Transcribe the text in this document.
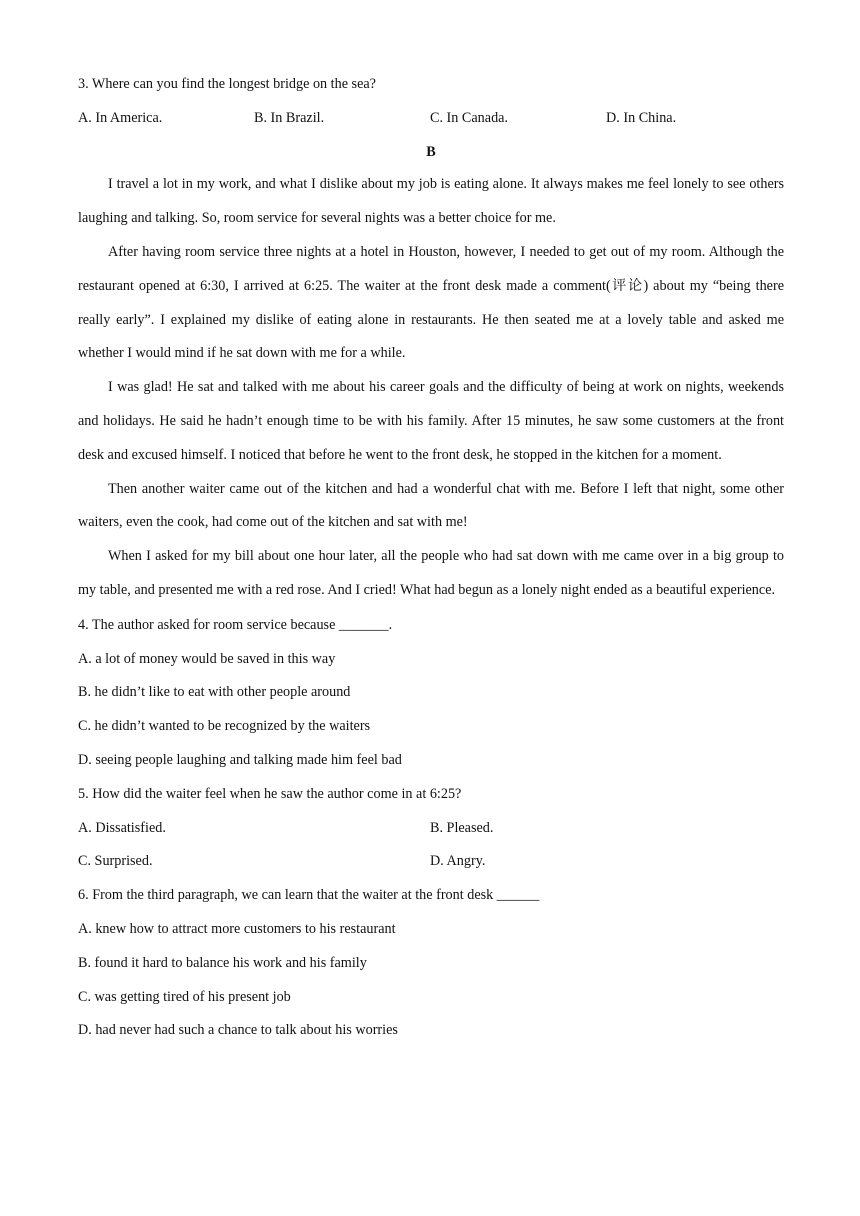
3. Where can you find the longest bridge on the sea?
A. In America.	B. In Brazil.	C. In Canada.	D. In China.
B

I travel a lot in my work, and what I dislike about my job is eating alone. It always makes me feel lonely to see others laughing and talking. So, room service for several nights was a better choice for me.

After having room service three nights at a hotel in Houston, however, I needed to get out of my room. Although the restaurant opened at 6:30, I arrived at 6:25. The waiter at the front desk made a comment(评论) about my “being there really early”. I explained my dislike of eating alone in restaurants. He then seated me at a lovely table and asked me whether I would mind if he sat down with me for a while.

I was glad! He sat and talked with me about his career goals and the difficulty of being at work on nights, weekends and holidays. He said he hadn’t enough time to be with his family. After 15 minutes, he saw some customers at the front desk and excused himself. I noticed that before he went to the front desk, he stopped in the kitchen for a moment.

Then another waiter came out of the kitchen and had a wonderful chat with me. Before I left that night, some other waiters, even the cook, had come out of the kitchen and sat with me!

When I asked for my bill about one hour later, all the people who had sat down with me came over in a big group to my table, and presented me with a red rose. And I cried! What had begun as a lonely night ended as a beautiful experience.

4. The author asked for room service because _______.
A. a lot of money would be saved in this way
B. he didn’t like to eat with other people around
C. he didn’t wanted to be recognized by the waiters
D. seeing people laughing and talking made him feel bad
5. How did the waiter feel when he saw the author come in at 6:25?
A. Dissatisfied.	B. Pleased.
C. Surprised.	D. Angry.
6. From the third paragraph, we can learn that the waiter at the front desk ______
A. knew how to attract more customers to his restaurant
B. found it hard to balance his work and his family
C. was getting tired of his present job
D. had never had such a chance to talk about his worries
